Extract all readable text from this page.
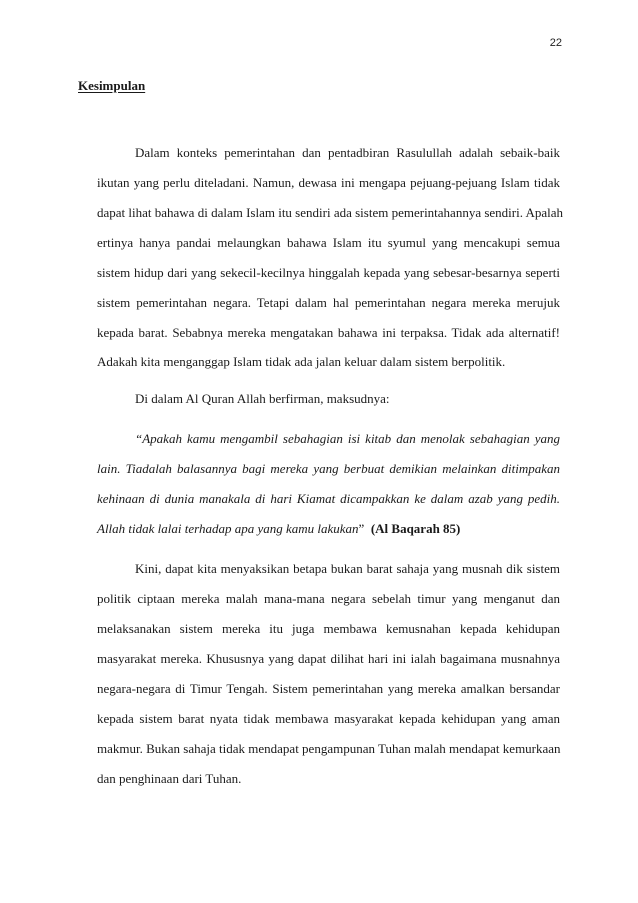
22
Kesimpulan
Dalam konteks pemerintahan dan pentadbiran Rasulullah adalah sebaik-baik
ikutan yang perlu diteladani. Namun, dewasa ini mengapa pejuang-pejuang Islam tidak
dapat lihat bahawa di dalam Islam itu sendiri ada sistem pemerintahannya sendiri. Apalah
ertinya hanya pandai melaungkan bahawa Islam itu syumul yang mencakupi semua
sistem hidup dari yang sekecil-kecilnya hinggalah kepada yang sebesar-besarnya seperti
sistem pemerintahan negara. Tetapi dalam hal pemerintahan negara mereka merujuk
kepada barat. Sebabnya mereka mengatakan bahawa ini terpaksa. Tidak ada alternatif!
Adakah kita menganggap Islam tidak ada jalan keluar dalam sistem berpolitik.
Di dalam Al Quran Allah berfirman, maksudnya:
“Apakah kamu mengambil sebahagian isi kitab dan menolak sebahagian yang
lain. Tiadalah balasannya bagi mereka yang berbuat demikian melainkan ditimpakan
kehinaan di dunia manakala di hari Kiamat dicampakkan ke dalam azab yang pedih.
Allah tidak lalai terhadap apa yang kamu lakukan” (Al Baqarah 85)
Kini, dapat kita menyaksikan betapa bukan barat sahaja yang musnah dik sistem
politik ciptaan mereka malah mana-mana negara sebelah timur yang menganut dan
melaksanakan sistem mereka itu juga membawa kemusnahan kepada kehidupan
masyarakat mereka. Khususnya yang dapat dilihat hari ini ialah bagaimana musnahnya
negara-negara di Timur Tengah. Sistem pemerintahan yang mereka amalkan bersandar
kepada sistem barat nyata tidak membawa masyarakat kepada kehidupan yang aman
makmur. Bukan sahaja tidak mendapat pengampunan Tuhan malah mendapat kemurkaan
dan penghinaan dari Tuhan.
